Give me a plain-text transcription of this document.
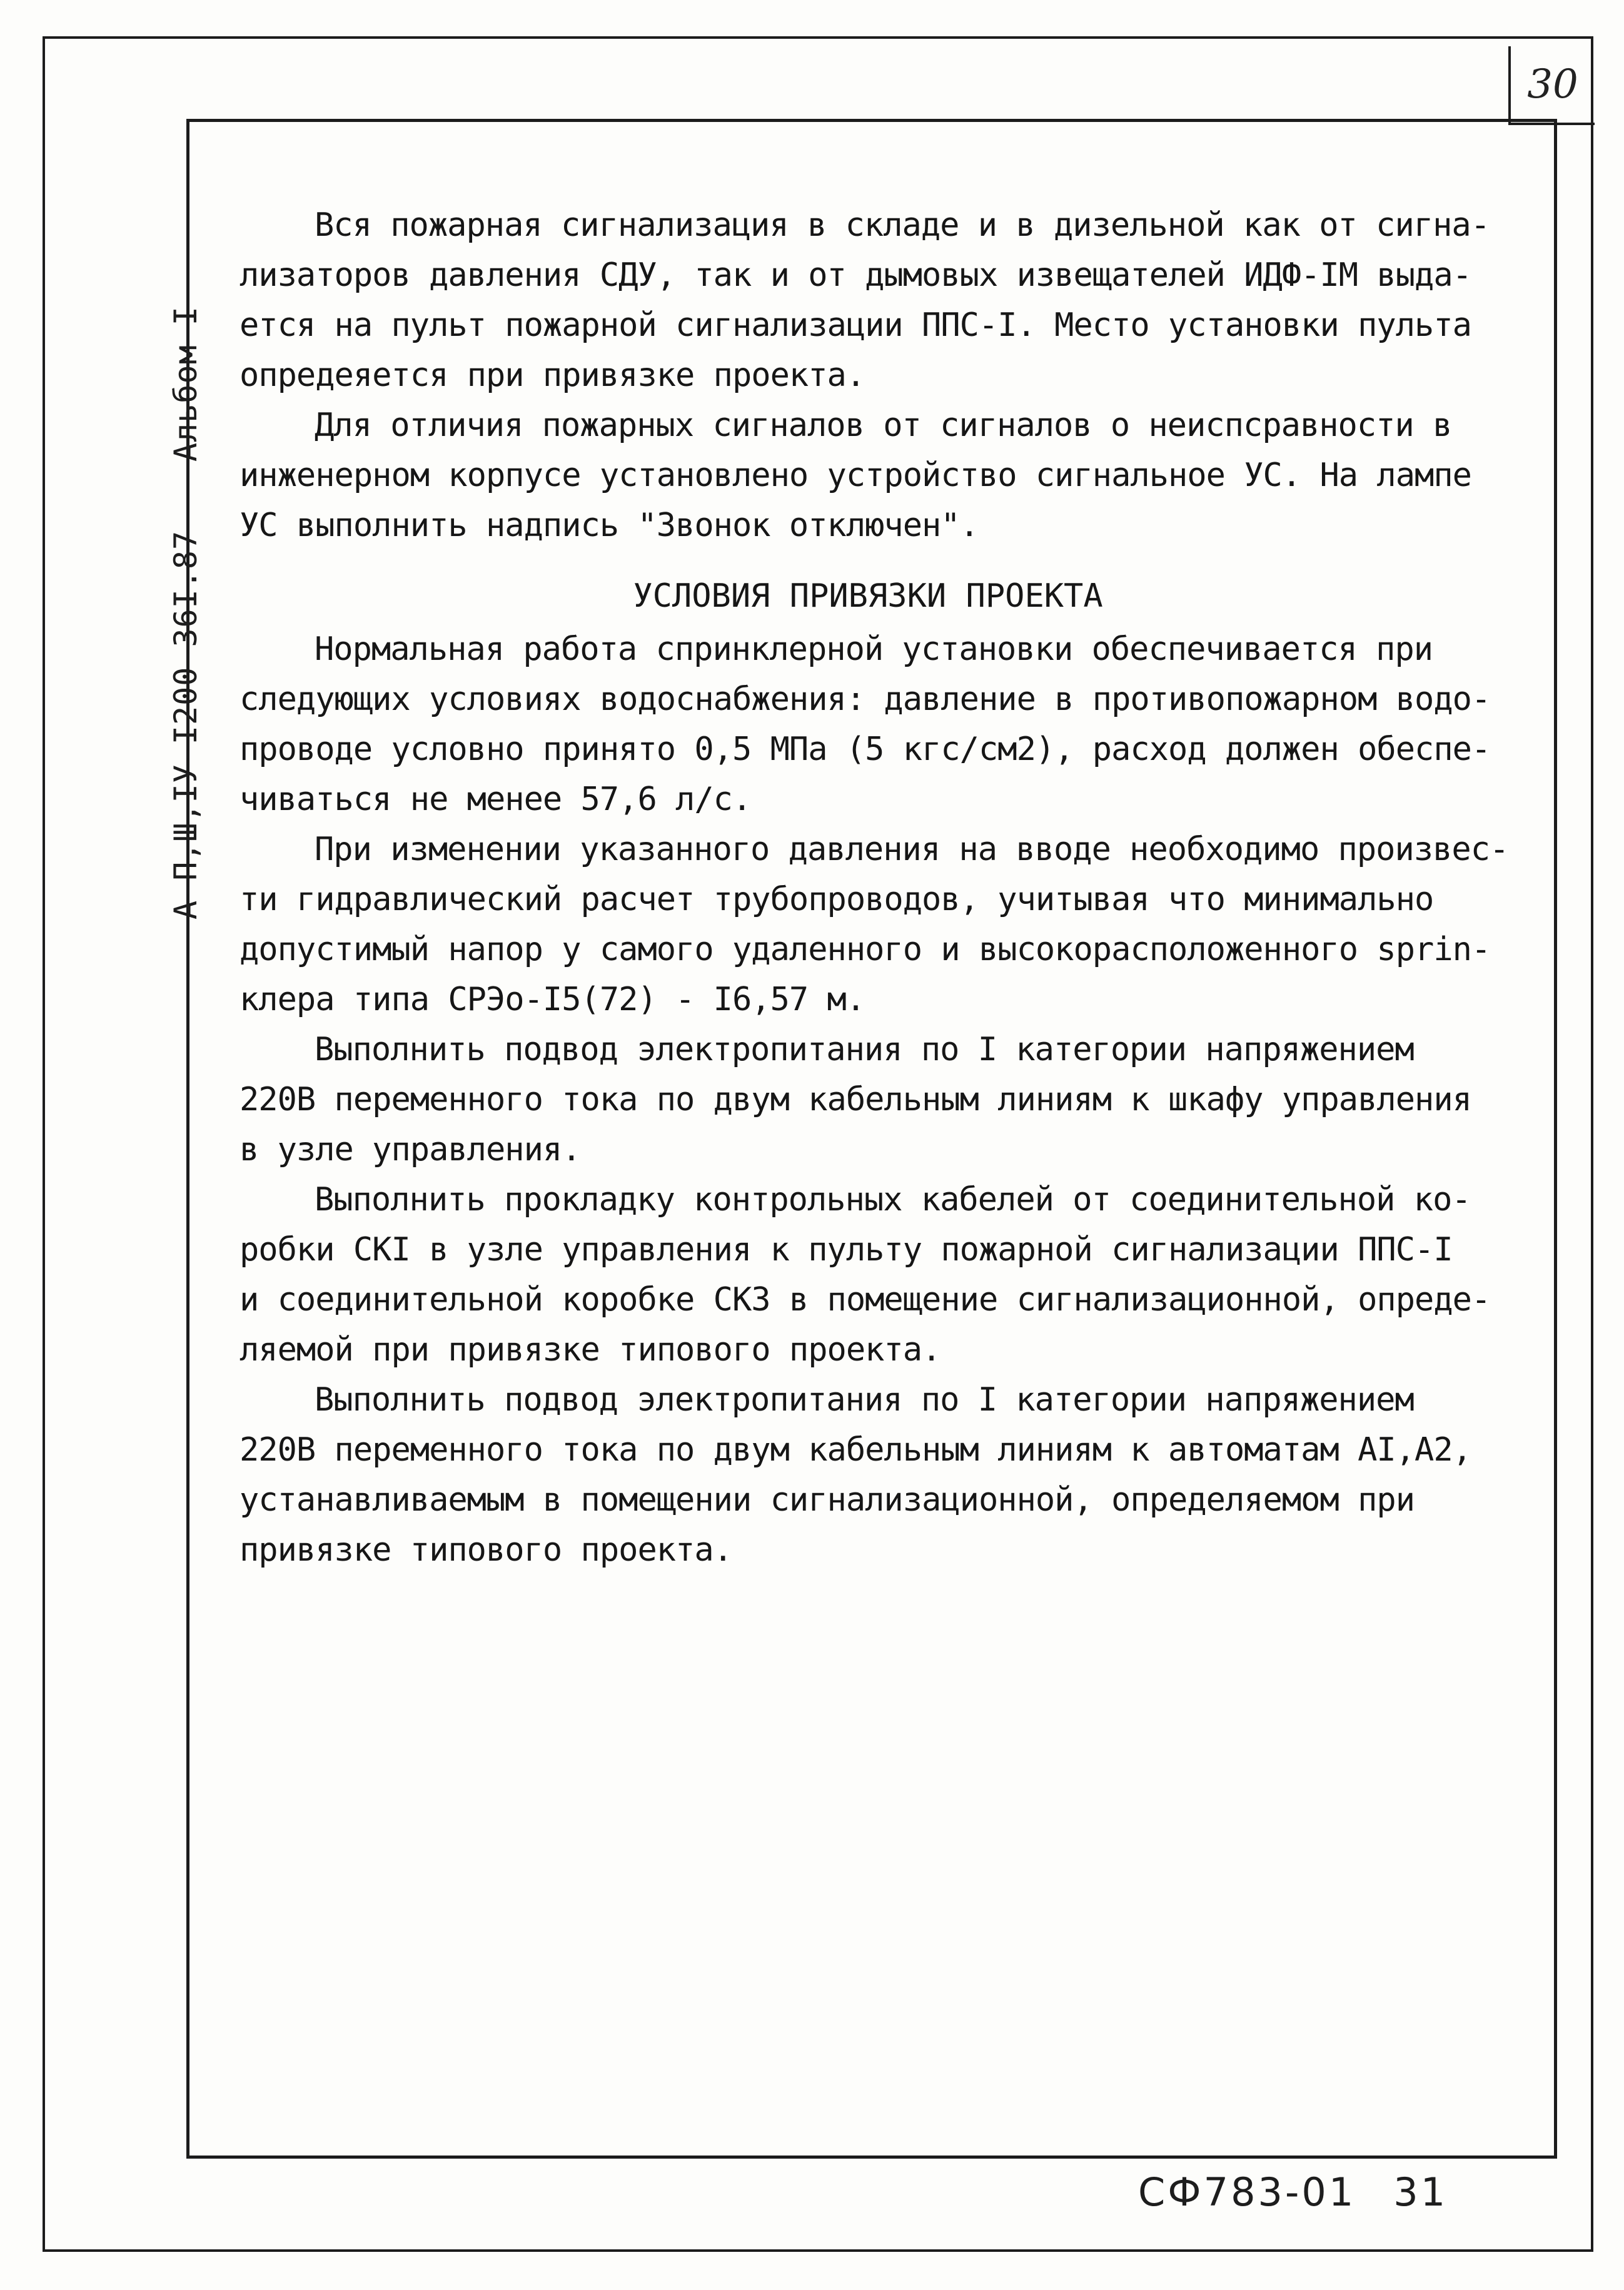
30
А-П,Ш,IУ-I200-36I.87Альбом I

Вся пожарная сигнализация в складе и в дизельной как от сигна-

лизаторов давления СДУ, так и от дымовых извещателей ИДФ-IM выда-

ется на пульт пожарной сигнализации ППС-I. Место установки пульта

опредеяется при привязке проекта.

Для отличия пожарных сигналов от сигналов о неиспсравности в

инженерном корпусе установлено устройство сигнальное УС. На лампе

УС выполнить надпись "Звонок отключен".

УСЛОВИЯ ПРИВЯЗКИ ПРОЕКТА

Нормальная работа спринклерной установки обеспечивается при

следующих условиях водоснабжения: давление в противопожарном водо-

проводе условно принято 0,5 МПа (5 кгс/см2), расход должен обеспе-

чиваться не менее 57,6 л/с.

При изменении указанного давления на вводе необходимо произвес-

ти гидравлический расчет трубопроводов, учитывая что минимально

допустимый напор у самого удаленного и высокорасположенного sprin-

клера типа СРЭо-I5(72) - I6,57 м.

Выполнить подвод электропитания по I категории напряжением

220В переменного тока по двум кабельным линиям к шкафу управления

в узле управления.

Выполнить прокладку контрольных кабелей от соединительной ко-

робки СКI в узле управления к пульту пожарной сигнализации ППС-I

и соединительной коробке СКЗ в помещение сигнализационной, опреде-

ляемой при привязке типового проекта.

Выполнить подвод электропитания по I категории напряжением

220В переменного тока по двум кабельным линиям к автоматам AI,A2,

устанавливаемым в помещении сигнализационной, определяемом при

привязке типового проекта.

СФ783-01 31
